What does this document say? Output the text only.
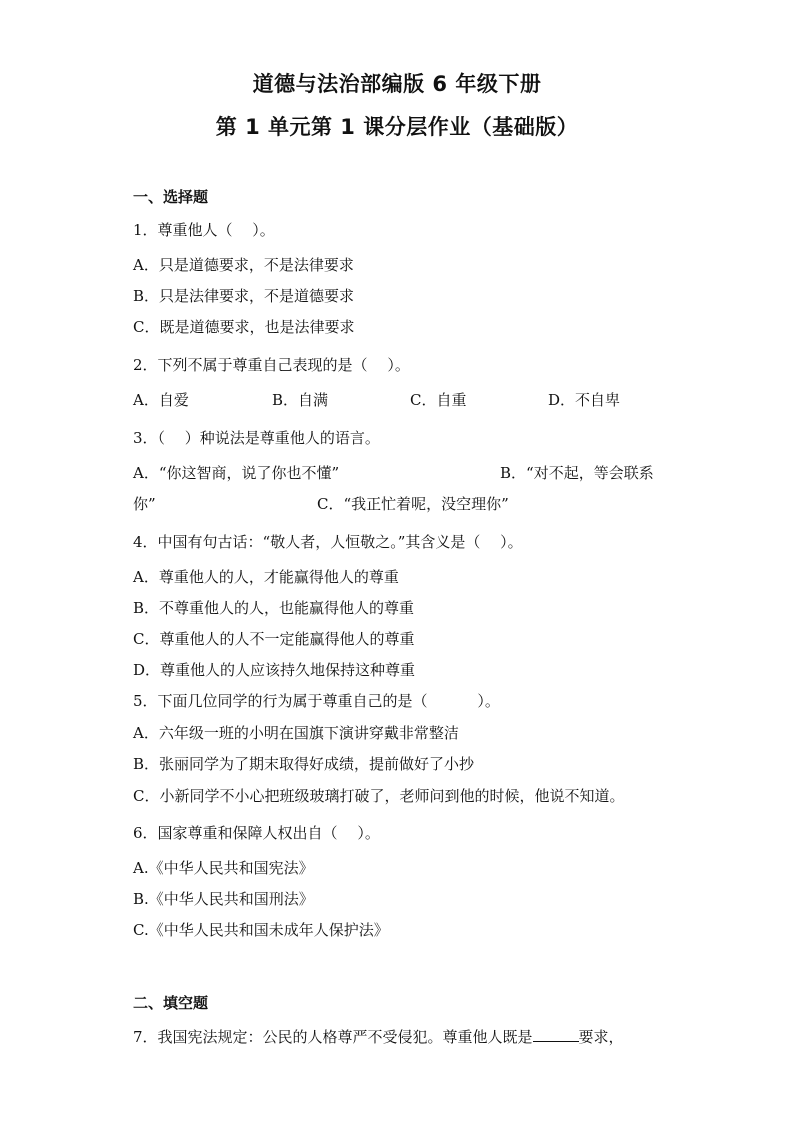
道德与法治部编版 6 年级下册
第 1 单元第 1 课分层作业（基础版）
一、选择题
1．尊重他人（　 ）。
A．只是道德要求，不是法律要求
B．只是法律要求，不是道德要求
C．既是道德要求，也是法律要求
2．下列不属于尊重自己表现的是（　 ）。
A．自爱	B．自满	C．自重	D．不自卑
3．（　 ）种说法是尊重他人的语言。
A．“你这智商，说了你也不懂”	B．“对不起，等会联系
你”	C．“我正忙着呢，没空理你”
4．中国有句古话：“敬人者，人恒敬之。”其含义是（　 ）。
A．尊重他人的人，才能赢得他人的尊重
B．不尊重他人的人，也能赢得他人的尊重
C．尊重他人的人不一定能赢得他人的尊重
D．尊重他人的人应该持久地保持这种尊重
5．下面几位同学的行为属于尊重自己的是（　　　 ）。
A．六年级一班的小明在国旗下演讲穿戴非常整洁
B．张丽同学为了期末取得好成绩，提前做好了小抄
C．小新同学不小心把班级玻璃打破了，老师问到他的时候，他说不知道。
6．国家尊重和保障人权出自（　 ）。
A.《中华人民共和国宪法》
B.《中华人民共和国刑法》
C.《中华人民共和国未成年人保护法》
二、填空题
7．我国宪法规定：公民的人格尊严不受侵犯。尊重他人既是	要求，
